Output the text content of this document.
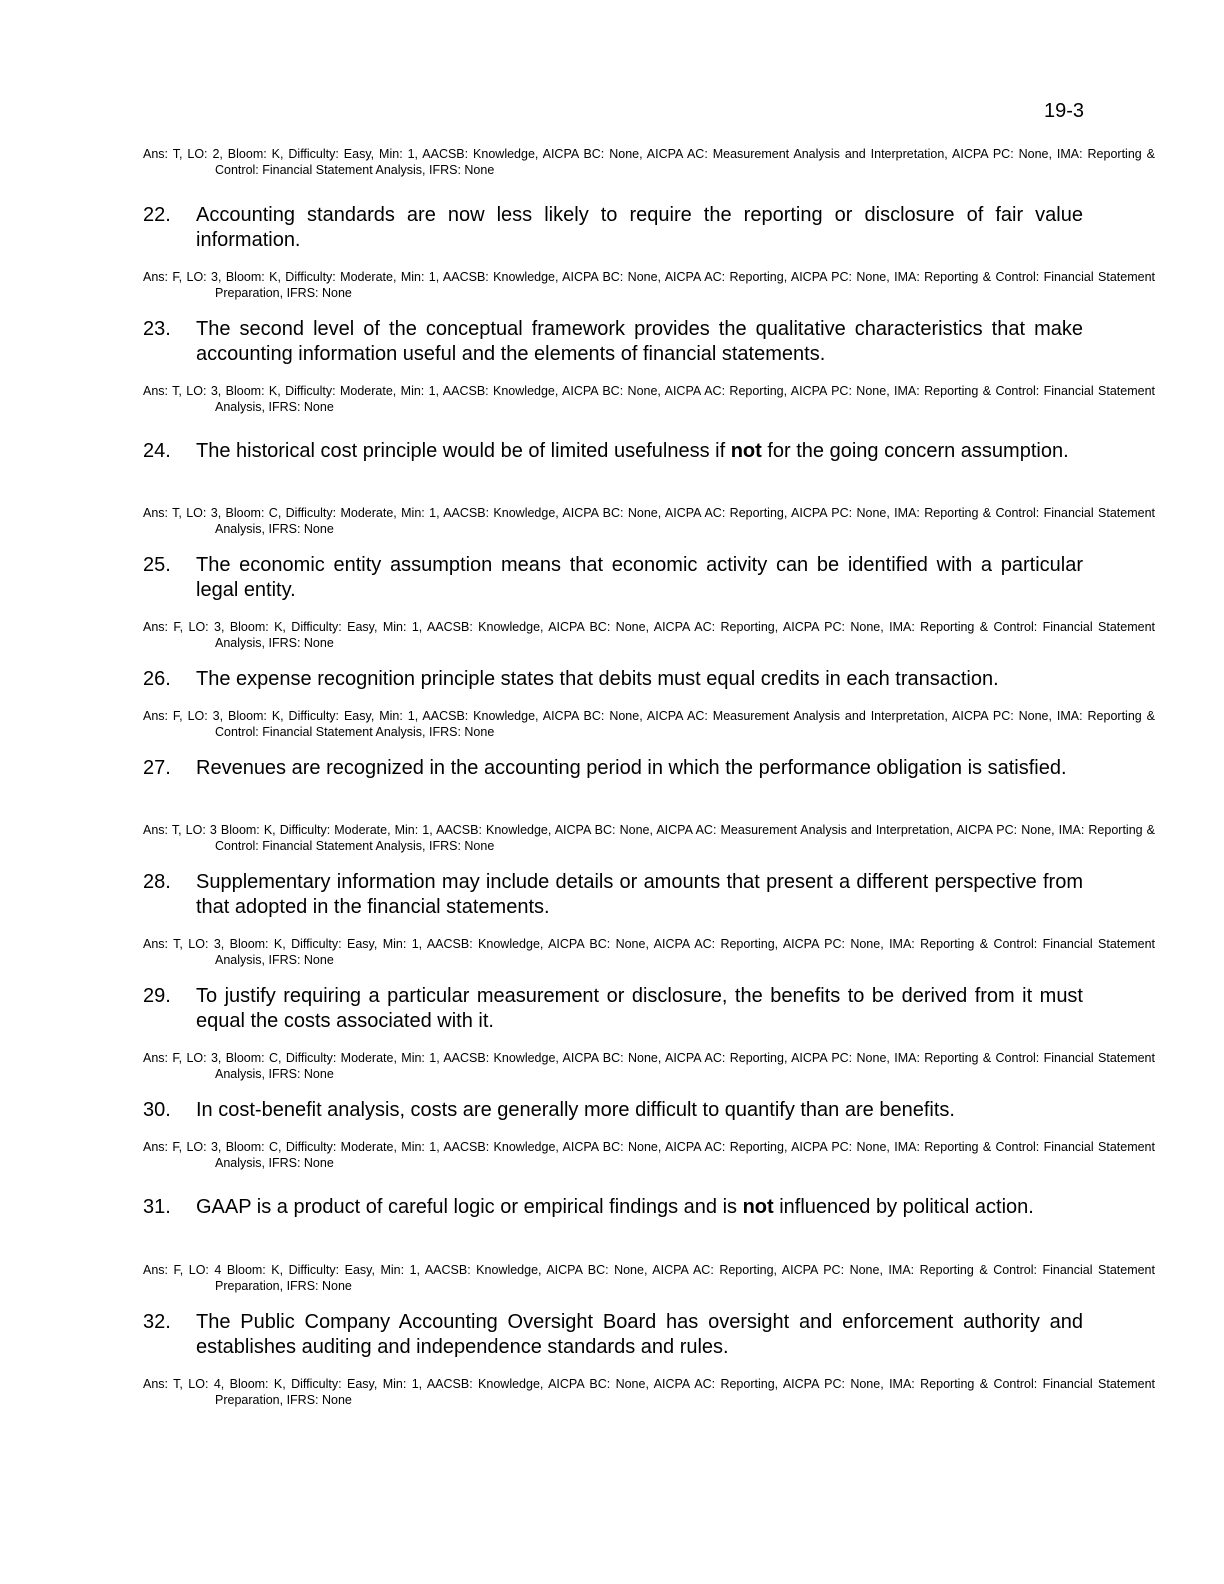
19-3
Ans: T, LO: 2, Bloom: K, Difficulty: Easy, Min: 1, AACSB: Knowledge, AICPA BC: None, AICPA AC: Measurement Analysis and Interpretation, AICPA PC: None, IMA: Reporting & Control: Financial Statement Analysis, IFRS: None
22.	Accounting standards are now less likely to require the reporting or disclosure of fair value information.
Ans: F, LO: 3, Bloom: K, Difficulty: Moderate, Min: 1, AACSB: Knowledge, AICPA BC: None, AICPA AC: Reporting, AICPA PC: None, IMA: Reporting & Control: Financial Statement Preparation, IFRS: None
23.	The second level of the conceptual framework provides the qualitative characteristics that make accounting information useful and the elements of financial statements.
Ans: T, LO: 3, Bloom: K, Difficulty: Moderate, Min: 1, AACSB: Knowledge, AICPA BC: None, AICPA AC: Reporting, AICPA PC: None, IMA: Reporting & Control: Financial Statement Analysis, IFRS: None
24.	The historical cost principle would be of limited usefulness if not for the going concern assumption.
Ans: T, LO: 3, Bloom: C, Difficulty: Moderate, Min: 1, AACSB: Knowledge, AICPA BC: None, AICPA AC: Reporting, AICPA PC: None, IMA: Reporting & Control: Financial Statement Analysis, IFRS: None
25.	The economic entity assumption means that economic activity can be identified with a particular legal entity.
Ans: F, LO: 3, Bloom: K, Difficulty: Easy, Min: 1, AACSB: Knowledge, AICPA BC: None, AICPA AC: Reporting, AICPA PC: None, IMA: Reporting & Control: Financial Statement Analysis, IFRS: None
26.	The expense recognition principle states that debits must equal credits in each transaction.
Ans: F, LO: 3, Bloom: K, Difficulty: Easy, Min: 1, AACSB: Knowledge, AICPA BC: None, AICPA AC: Measurement Analysis and Interpretation, AICPA PC: None, IMA: Reporting & Control: Financial Statement Analysis, IFRS: None
27.	Revenues are recognized in the accounting period in which the performance obligation is satisfied.
Ans: T, LO: 3 Bloom: K, Difficulty: Moderate, Min: 1, AACSB: Knowledge, AICPA BC: None, AICPA AC: Measurement Analysis and Interpretation, AICPA PC: None, IMA: Reporting & Control: Financial Statement Analysis, IFRS: None
28.	Supplementary information may include details or amounts that present a different perspective from that adopted in the financial statements.
Ans: T, LO: 3, Bloom: K, Difficulty: Easy, Min: 1, AACSB: Knowledge, AICPA BC: None, AICPA AC: Reporting, AICPA PC: None, IMA: Reporting & Control: Financial Statement Analysis, IFRS: None
29.	To justify requiring a particular measurement or disclosure, the benefits to be derived from it must equal the costs associated with it.
Ans: F, LO: 3, Bloom: C, Difficulty: Moderate, Min: 1, AACSB: Knowledge, AICPA BC: None, AICPA AC: Reporting, AICPA PC: None, IMA: Reporting & Control: Financial Statement Analysis, IFRS: None
30.	In cost-benefit analysis, costs are generally more difficult to quantify than are benefits.
Ans: F, LO: 3, Bloom: C, Difficulty: Moderate, Min: 1, AACSB: Knowledge, AICPA BC: None, AICPA AC: Reporting, AICPA PC: None, IMA: Reporting & Control: Financial Statement Analysis, IFRS: None
31.	GAAP is a product of careful logic or empirical findings and is not influenced by political action.
Ans: F, LO: 4 Bloom: K, Difficulty: Easy, Min: 1, AACSB: Knowledge, AICPA BC: None, AICPA AC: Reporting, AICPA PC: None, IMA: Reporting & Control: Financial Statement Preparation, IFRS: None
32.	The Public Company Accounting Oversight Board has oversight and enforcement authority and establishes auditing and independence standards and rules.
Ans: T, LO: 4, Bloom: K, Difficulty: Easy, Min: 1, AACSB: Knowledge, AICPA BC: None, AICPA AC: Reporting, AICPA PC: None, IMA: Reporting & Control: Financial Statement Preparation, IFRS: None
